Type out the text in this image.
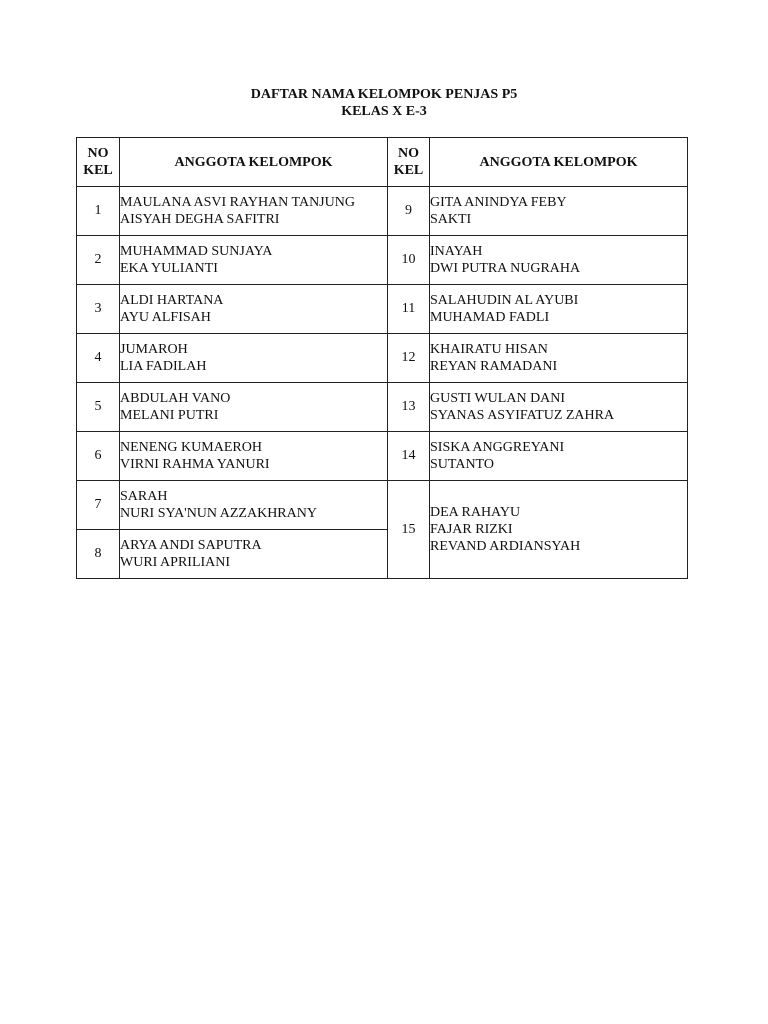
DAFTAR NAMA KELOMPOK PENJAS P5
KELAS X E-3
NO
KEL	ANGGOTA KELOMPOK	NO
KEL	ANGGOTA KELOMPOK
1	MAULANA ASVI RAYHAN TANJUNG
AISYAH DEGHA SAFITRI	9	GITA ANINDYA FEBY
SAKTI

2	MUHAMMAD SUNJAYA
EKA YULIANTI	10	INAYAH
DWI PUTRA NUGRAHA

3	ALDI HARTANA
AYU ALFISAH	11	SALAHUDIN AL AYUBI
MUHAMAD FADLI

4	JUMAROH
LIA FADILAH	12	KHAIRATU HISAN
REYAN RAMADANI

5	ABDULAH VANO
MELANI PUTRI	13	GUSTI WULAN DANI
SYANAS ASYIFATUZ ZAHRA

6	NENENG KUMAEROH
VIRNI RAHMA YANURI	14	SISKA ANGGREYANI
SUTANTO

7	SARAH
NURI SYA'NUN AZZAKHRANY	15	DEA RAHAYU
FAJAR RIZKI
REVAND ARDIANSYAH

8	ARYA ANDI SAPUTRA
WURI APRILIANI		
